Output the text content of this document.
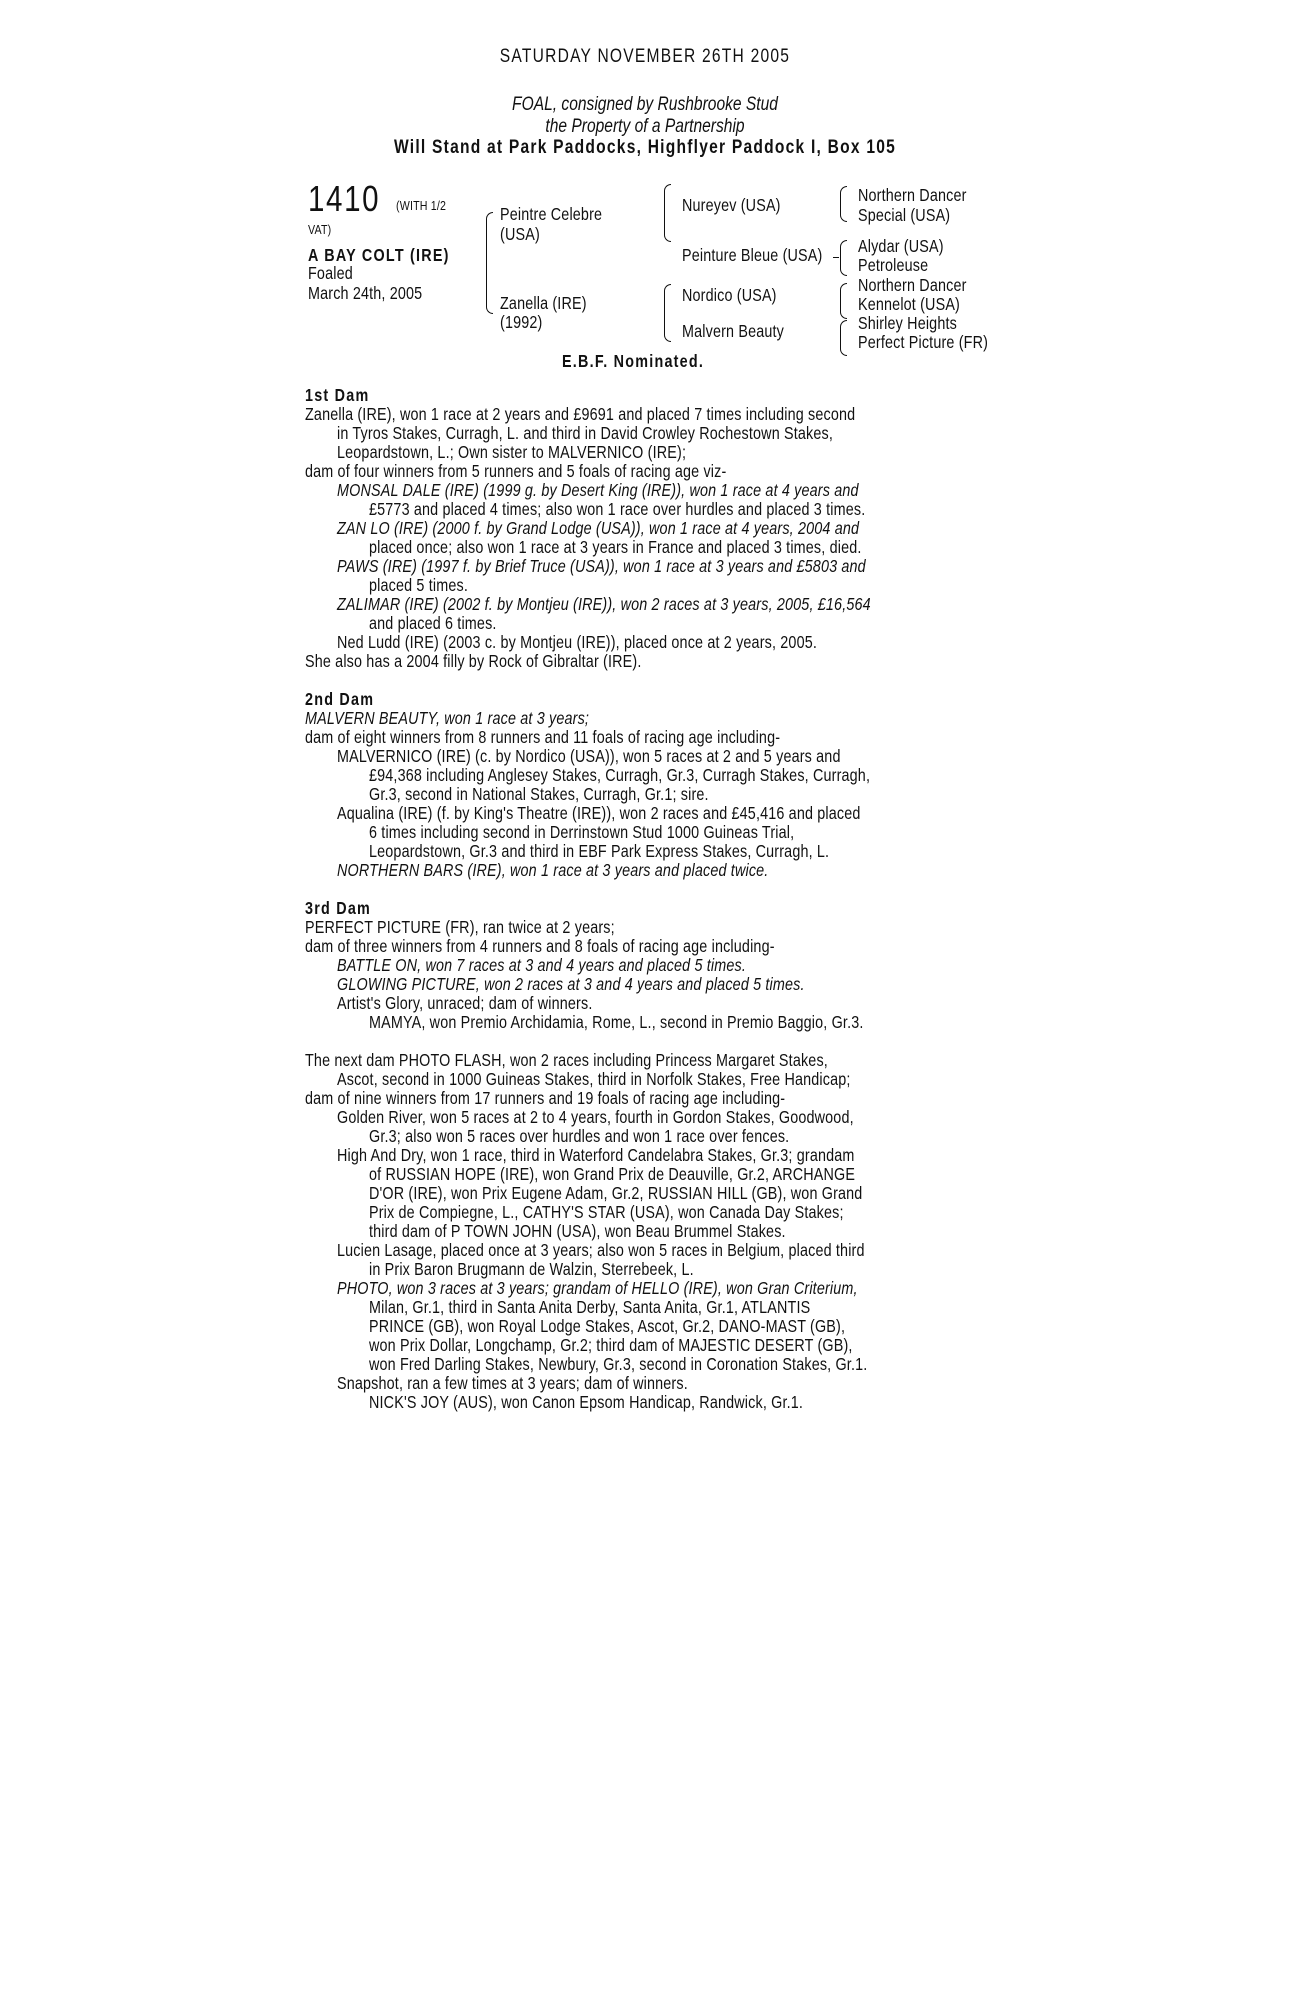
SATURDAY NOVEMBER 26TH 2005
FOAL, consigned by Rushbrooke Stud
the Property of a Partnership
Will Stand at Park Paddocks, Highflyer Paddock I, Box 105
1410 (WITH 1/2
VAT)
A BAY COLT (IRE)
Foaled
March 24th, 2005
Peintre Celebre
(USA)
Zanella (IRE)
(1992)
Nureyev (USA)
Peinture Bleue (USA)
Nordico (USA)
Malvern Beauty
Northern Dancer
Special (USA)
Alydar (USA)
Petroleuse
Northern Dancer
Kennelot (USA)
Shirley Heights
Perfect Picture (FR)
E.B.F. Nominated.
1st Dam
Zanella (IRE), won 1 race at 2 years and £9691 and placed 7 times including second
in Tyros Stakes, Curragh, L. and third in David Crowley Rochestown Stakes,
Leopardstown, L.; Own sister to MALVERNICO (IRE);
dam of four winners from 5 runners and 5 foals of racing age viz-
MONSAL DALE (IRE) (1999 g. by Desert King (IRE)), won 1 race at 4 years and
£5773 and placed 4 times; also won 1 race over hurdles and placed 3 times.
ZAN LO (IRE) (2000 f. by Grand Lodge (USA)), won 1 race at 4 years, 2004 and
placed once; also won 1 race at 3 years in France and placed 3 times, died.
PAWS (IRE) (1997 f. by Brief Truce (USA)), won 1 race at 3 years and £5803 and
placed 5 times.
ZALIMAR (IRE) (2002 f. by Montjeu (IRE)), won 2 races at 3 years, 2005, £16,564
and placed 6 times.
Ned Ludd (IRE) (2003 c. by Montjeu (IRE)), placed once at 2 years, 2005.
She also has a 2004 filly by Rock of Gibraltar (IRE).
2nd Dam
MALVERN BEAUTY, won 1 race at 3 years;
dam of eight winners from 8 runners and 11 foals of racing age including-
MALVERNICO (IRE) (c. by Nordico (USA)), won 5 races at 2 and 5 years and
£94,368 including Anglesey Stakes, Curragh, Gr.3, Curragh Stakes, Curragh,
Gr.3, second in National Stakes, Curragh, Gr.1; sire.
Aqualina (IRE) (f. by King's Theatre (IRE)), won 2 races and £45,416 and placed
6 times including second in Derrinstown Stud 1000 Guineas Trial,
Leopardstown, Gr.3 and third in EBF Park Express Stakes, Curragh, L.
NORTHERN BARS (IRE), won 1 race at 3 years and placed twice.
3rd Dam
PERFECT PICTURE (FR), ran twice at 2 years;
dam of three winners from 4 runners and 8 foals of racing age including-
BATTLE ON, won 7 races at 3 and 4 years and placed 5 times.
GLOWING PICTURE, won 2 races at 3 and 4 years and placed 5 times.
Artist's Glory, unraced; dam of winners.
MAMYA, won Premio Archidamia, Rome, L., second in Premio Baggio, Gr.3.
The next dam PHOTO FLASH, won 2 races including Princess Margaret Stakes,
Ascot, second in 1000 Guineas Stakes, third in Norfolk Stakes, Free Handicap;
dam of nine winners from 17 runners and 19 foals of racing age including-
Golden River, won 5 races at 2 to 4 years, fourth in Gordon Stakes, Goodwood,
Gr.3; also won 5 races over hurdles and won 1 race over fences.
High And Dry, won 1 race, third in Waterford Candelabra Stakes, Gr.3; grandam
of RUSSIAN HOPE (IRE), won Grand Prix de Deauville, Gr.2, ARCHANGE
D'OR (IRE), won Prix Eugene Adam, Gr.2, RUSSIAN HILL (GB), won Grand
Prix de Compiegne, L., CATHY'S STAR (USA), won Canada Day Stakes;
third dam of P TOWN JOHN (USA), won Beau Brummel Stakes.
Lucien Lasage, placed once at 3 years; also won 5 races in Belgium, placed third
in Prix Baron Brugmann de Walzin, Sterrebeek, L.
PHOTO, won 3 races at 3 years; grandam of HELLO (IRE), won Gran Criterium,
Milan, Gr.1, third in Santa Anita Derby, Santa Anita, Gr.1, ATLANTIS
PRINCE (GB), won Royal Lodge Stakes, Ascot, Gr.2, DANO-MAST (GB),
won Prix Dollar, Longchamp, Gr.2; third dam of MAJESTIC DESERT (GB),
won Fred Darling Stakes, Newbury, Gr.3, second in Coronation Stakes, Gr.1.
Snapshot, ran a few times at 3 years; dam of winners.
NICK'S JOY (AUS), won Canon Epsom Handicap, Randwick, Gr.1.
